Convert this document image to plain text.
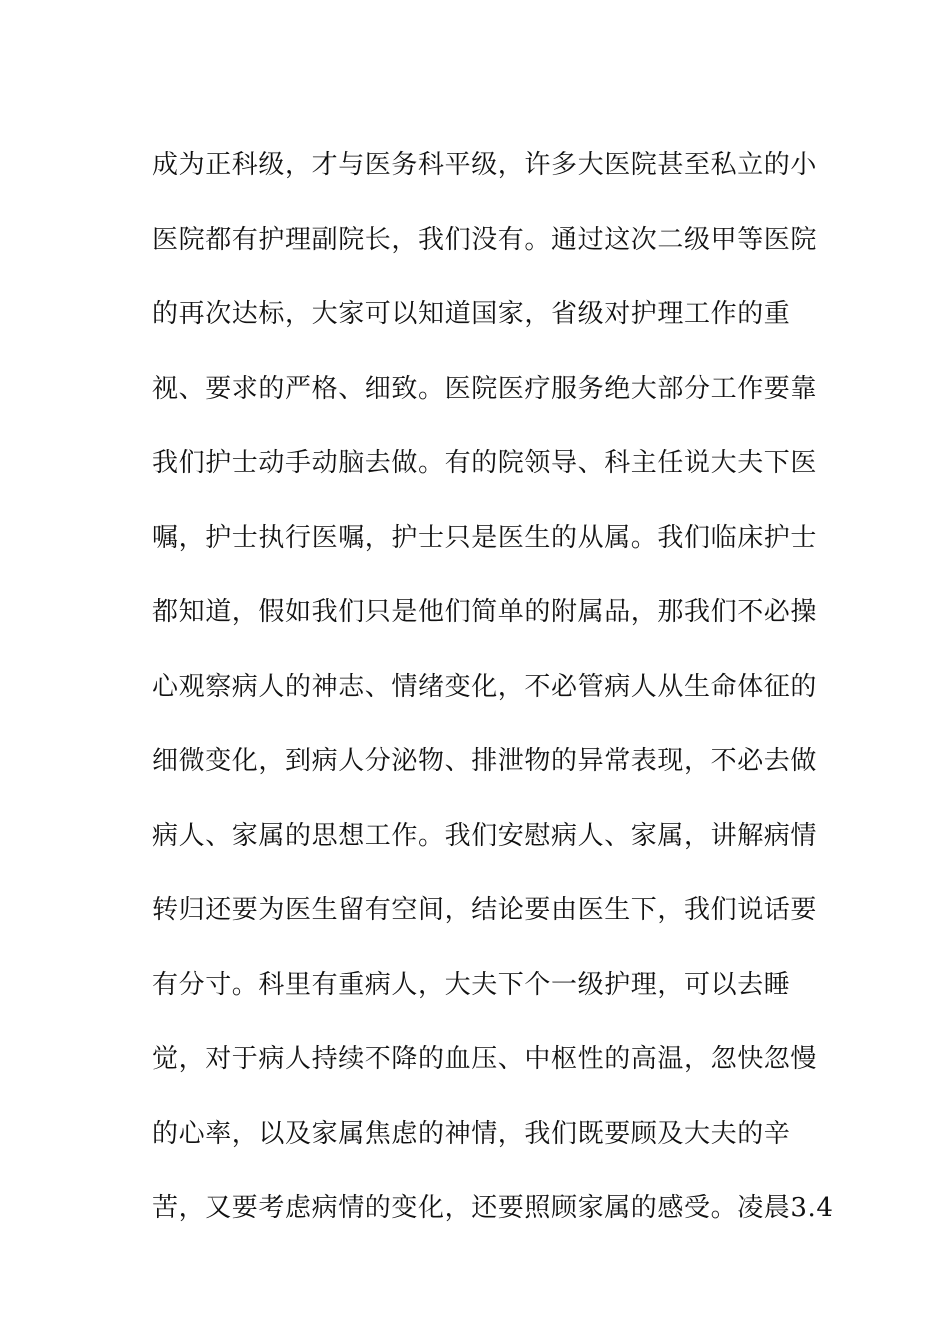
成为正科级，才与医务科平级，许多大医院甚至私立的小
医院都有护理副院长，我们没有。通过这次二级甲等医院
的再次达标，大家可以知道国家，省级对护理工作的重
视、要求的严格、细致。医院医疗服务绝大部分工作要靠
我们护士动手动脑去做。有的院领导、科主任说大夫下医
嘱，护士执行医嘱，护士只是医生的从属。我们临床护士
都知道，假如我们只是他们简单的附属品，那我们不必操
心观察病人的神志、情绪变化，不必管病人从生命体征的
细微变化，到病人分泌物、排泄物的异常表现，不必去做
病人、家属的思想工作。我们安慰病人、家属，讲解病情
转归还要为医生留有空间，结论要由医生下，我们说话要
有分寸。科里有重病人，大夫下个一级护理，可以去睡
觉，对于病人持续不降的血压、中枢性的高温，忽快忽慢
的心率，以及家属焦虑的神情，我们既要顾及大夫的辛
苦，又要考虑病情的变化，还要照顾家属的感受。凌晨3.4
